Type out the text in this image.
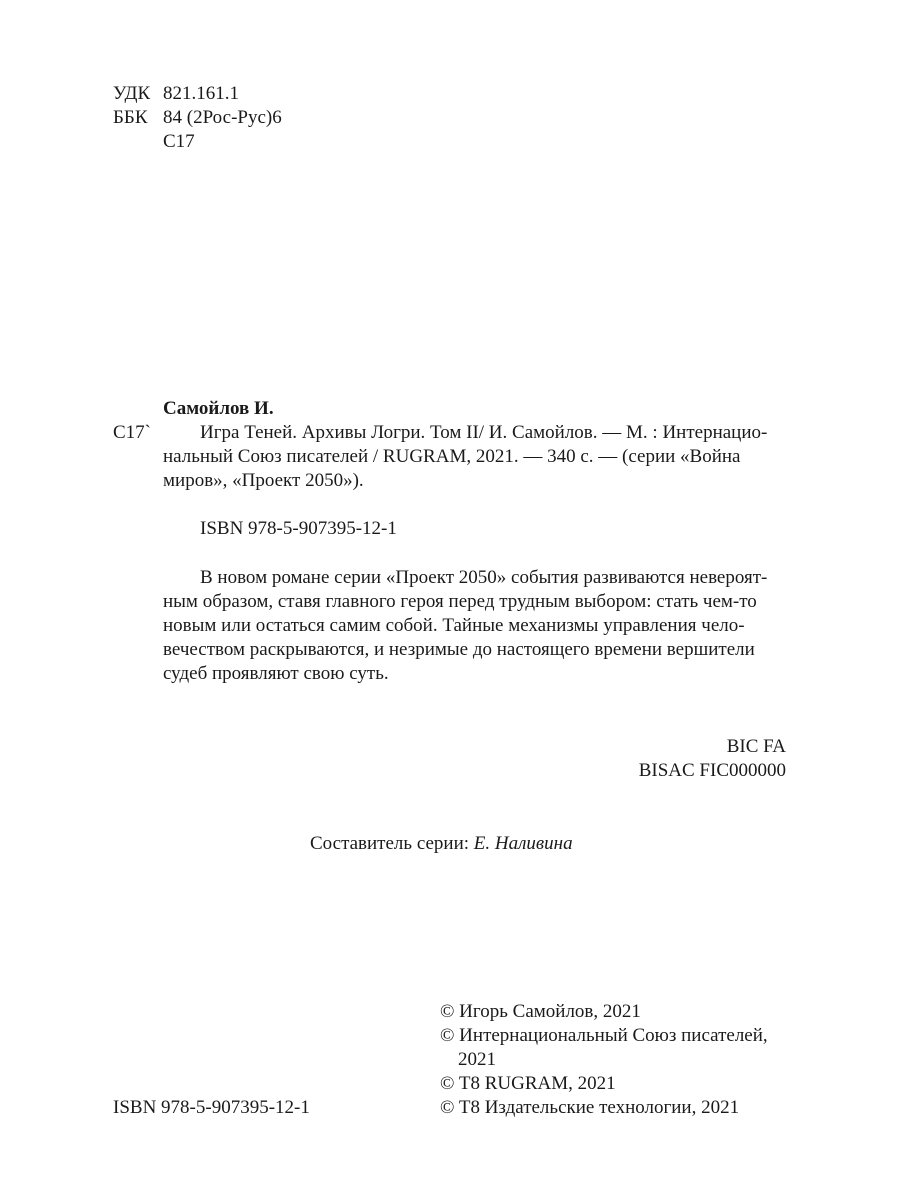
УДК 821.161.1
ББК 84 (2Рос-Рус)6
С17
Самойлов И.
С17`	Игра Теней. Архивы Логри. Том II/ И. Самойлов. — М. : Интернацио-
нальный Союз писателей / RUGRAM, 2021. — 340 с. — (серии «Война
миров», «Проект 2050»).
ISBN 978-5-907395-12-1
В новом романе серии «Проект 2050» события развиваются невероят-
ным образом, ставя главного героя перед трудным выбором: стать чем-то
новым или остаться самим собой. Тайные механизмы управления чело-
вечеством раскрываются, и незримые до настоящего времени вершители
судеб проявляют свою суть.
BIC FA
BISAC FIC000000
Составитель серии: Е. Наливина
© Игорь Самойлов, 2021
© Интернациональный Союз писателей,
2021
© T8 RUGRAM, 2021
© T8 Издательские технологии, 2021
ISBN 978-5-907395-12-1
